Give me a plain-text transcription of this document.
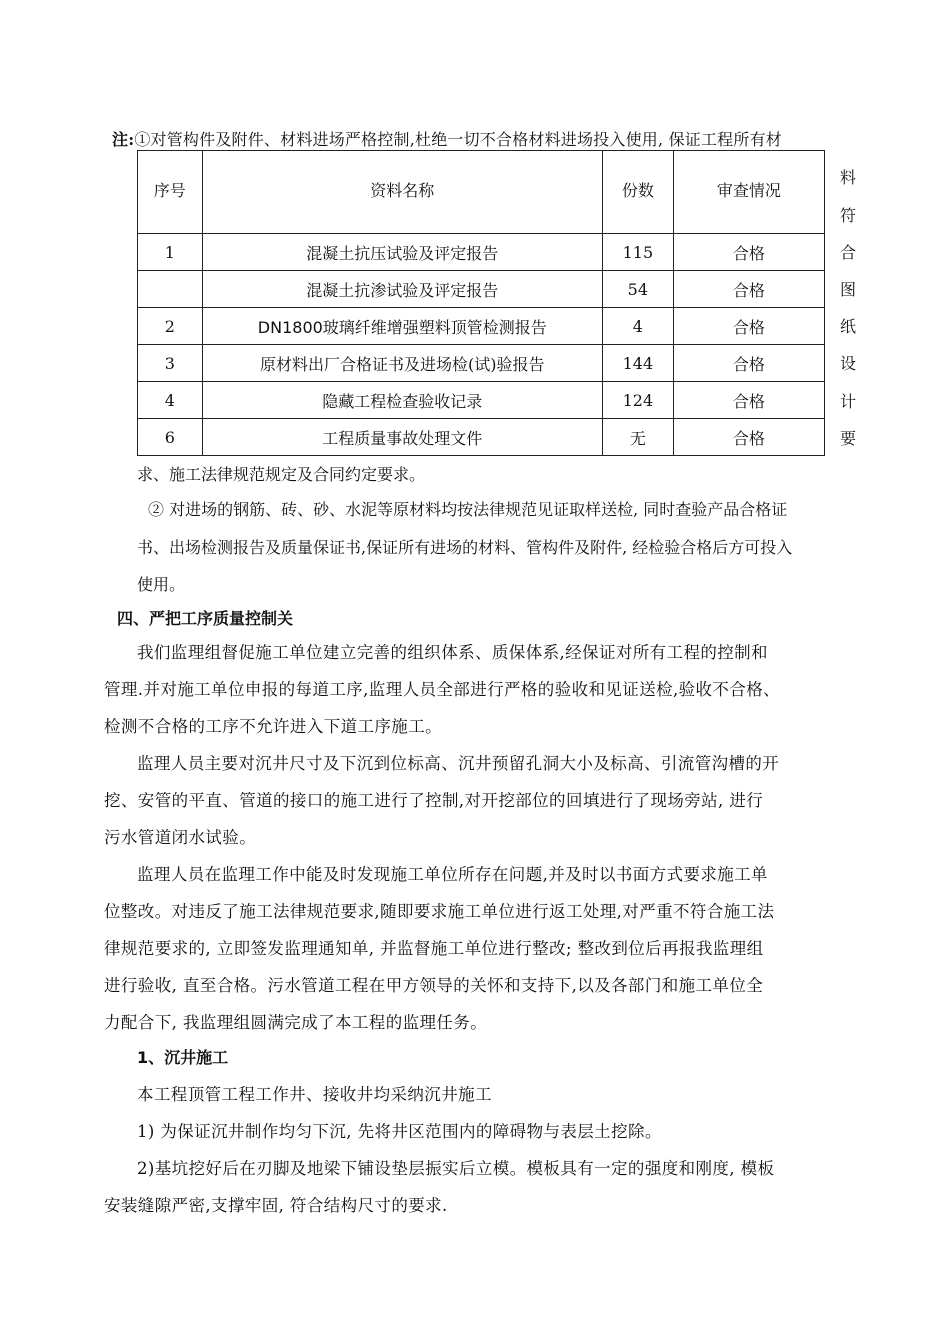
注:①对管构件及附件、材料进场严格控制,杜绝一切不合格材料进场投入使用, 保证工程所有材
序号	资料名称	份数	审查情况
1	混凝土抗压试验及评定报告	115	合格
	混凝土抗渗试验及评定报告	54	合格
2	DN1800玻璃纤维增强塑料顶管检测报告	4	合格
3	原材料出厂合格证书及进场检(试)验报告	144	合格
4	隐藏工程检查验收记录	124	合格
6	工程质量事故处理文件	无	合格
料
符
合
图
纸
设
计
要
求、施工法律规范规定及合同约定要求。
② 对进场的钢筋、砖、砂、水泥等原材料均按法律规范见证取样送检, 同时查验产品合格证
书、出场检测报告及质量保证书,保证所有进场的材料、管构件及附件, 经检验合格后方可投入
使用。
四、严把工序质量控制关
我们监理组督促施工单位建立完善的组织体系、质保体系,经保证对所有工程的控制和
管理.并对施工单位申报的每道工序,监理人员全部进行严格的验收和见证送检,验收不合格、
检测不合格的工序不允许进入下道工序施工。
监理人员主要对沉井尺寸及下沉到位标高、沉井预留孔洞大小及标高、引流管沟槽的开
挖、安管的平直、管道的接口的施工进行了控制,对开挖部位的回填进行了现场旁站, 进行
污水管道闭水试验。
监理人员在监理工作中能及时发现施工单位所存在问题,并及时以书面方式要求施工单
位整改。对违反了施工法律规范要求,随即要求施工单位进行返工处理,对严重不符合施工法
律规范要求的, 立即签发监理通知单, 并监督施工单位进行整改; 整改到位后再报我监理组
进行验收, 直至合格。污水管道工程在甲方领导的关怀和支持下,以及各部门和施工单位全
力配合下, 我监理组圆满完成了本工程的监理任务。
1、沉井施工
本工程顶管工程工作井、接收井均采纳沉井施工
1) 为保证沉井制作均匀下沉, 先将井区范围内的障碍物与表层土挖除。
2)基坑挖好后在刃脚及地梁下铺设垫层振实后立模。模板具有一定的强度和刚度, 模板
安装缝隙严密,支撑牢固, 符合结构尺寸的要求.
